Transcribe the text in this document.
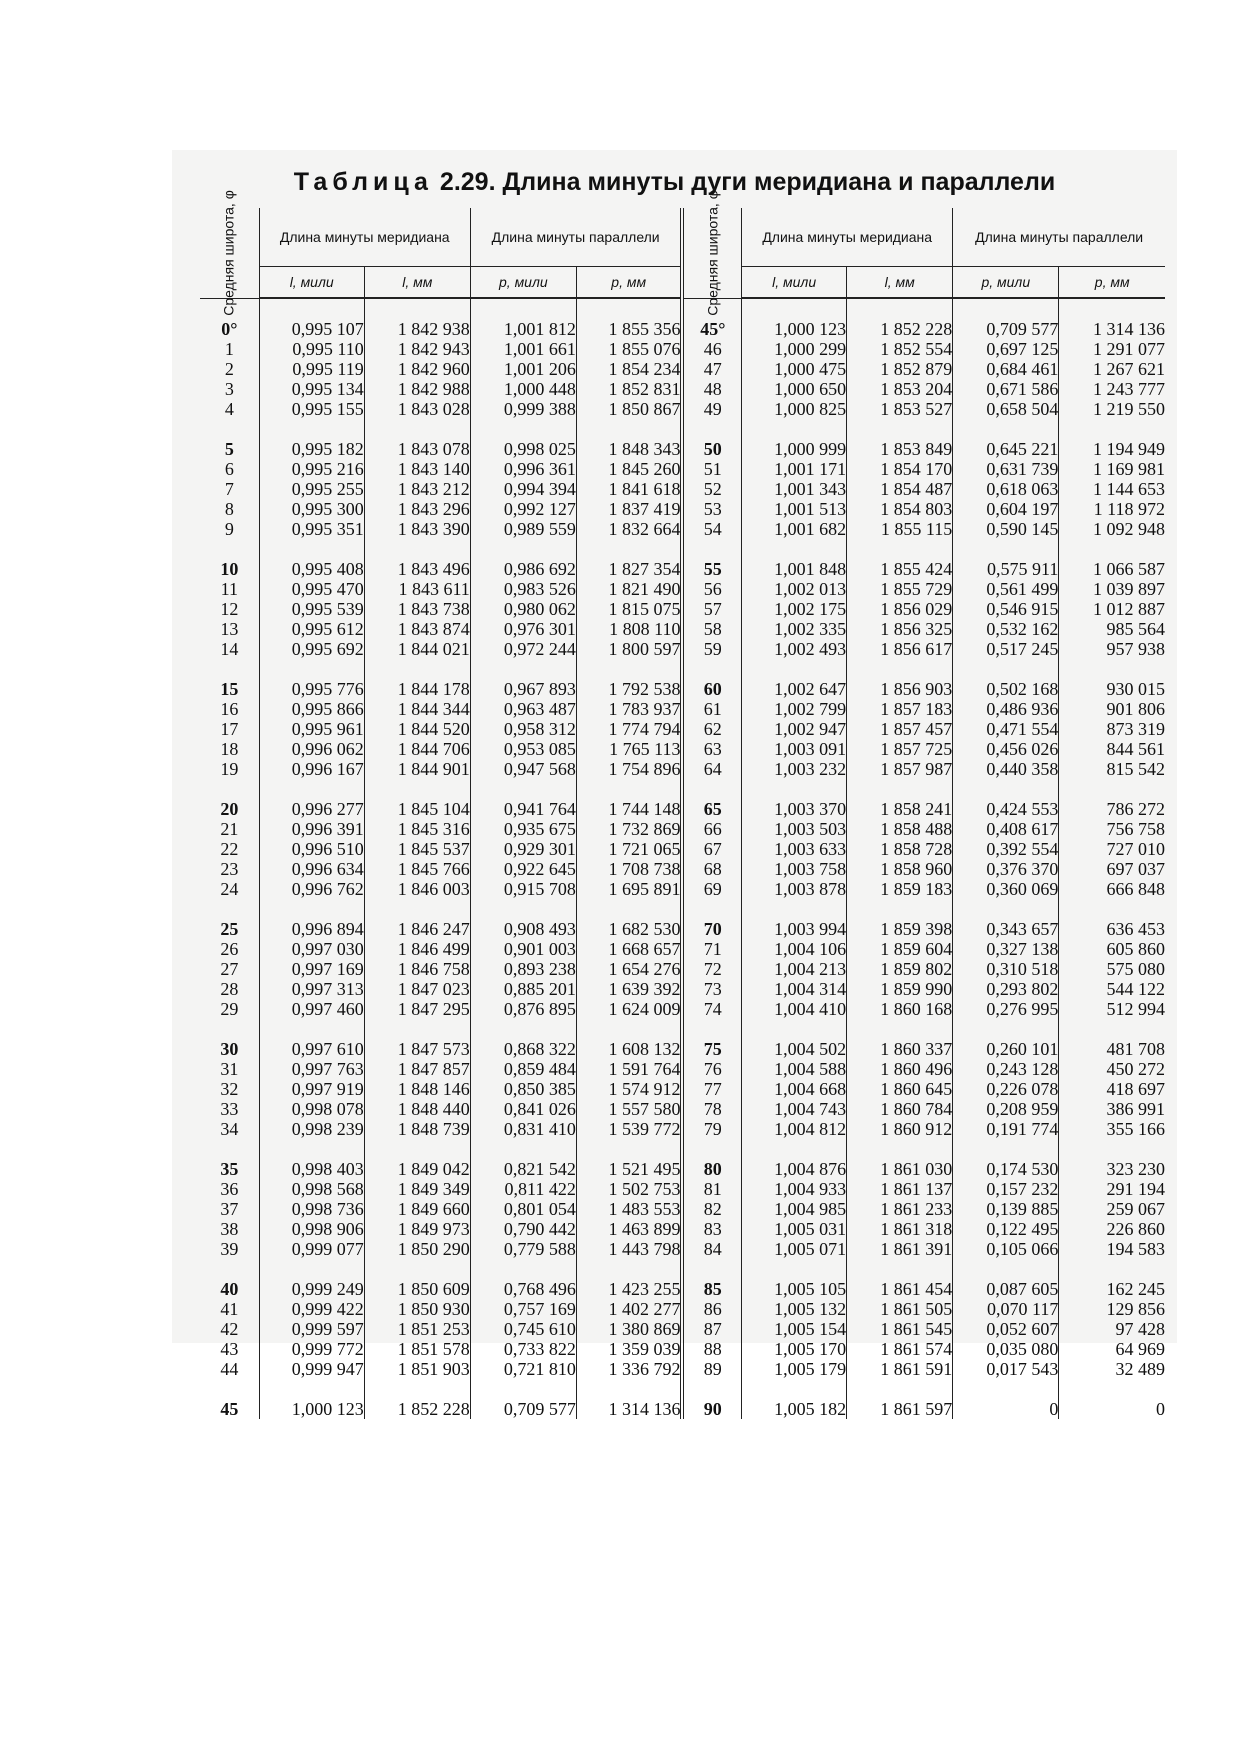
Таблица 2.29. Длина минуты дуги меридиана и параллели
Средняя широта, φ	Длина минуты меридиана		Длина минуты параллели		Средняя широта, φ	Длина минуты меридиана		Длина минуты параллели	
	l, мили	l, мм	p, мили	p, мм		l, мили	l, мм	p, мили	p, мм

0°	0,995 107	1 842 938	1,001 812	1 855 356	45°	1,000 123	1 852 228	0,709 577	1 314 136
1	0,995 110	1 842 943	1,001 661	1 855 076	46	1,000 299	1 852 554	0,697 125	1 291 077
2	0,995 119	1 842 960	1,001 206	1 854 234	47	1,000 475	1 852 879	0,684 461	1 267 621
3	0,995 134	1 842 988	1,000 448	1 852 831	48	1,000 650	1 853 204	0,671 586	1 243 777
4	0,995 155	1 843 028	0,999 388	1 850 867	49	1,000 825	1 853 527	0,658 504	1 219 550

5	0,995 182	1 843 078	0,998 025	1 848 343	50	1,000 999	1 853 849	0,645 221	1 194 949
6	0,995 216	1 843 140	0,996 361	1 845 260	51	1,001 171	1 854 170	0,631 739	1 169 981
7	0,995 255	1 843 212	0,994 394	1 841 618	52	1,001 343	1 854 487	0,618 063	1 144 653
8	0,995 300	1 843 296	0,992 127	1 837 419	53	1,001 513	1 854 803	0,604 197	1 118 972
9	0,995 351	1 843 390	0,989 559	1 832 664	54	1,001 682	1 855 115	0,590 145	1 092 948

10	0,995 408	1 843 496	0,986 692	1 827 354	55	1,001 848	1 855 424	0,575 911	1 066 587
11	0,995 470	1 843 611	0,983 526	1 821 490	56	1,002 013	1 855 729	0,561 499	1 039 897
12	0,995 539	1 843 738	0,980 062	1 815 075	57	1,002 175	1 856 029	0,546 915	1 012 887
13	0,995 612	1 843 874	0,976 301	1 808 110	58	1,002 335	1 856 325	0,532 162	985 564
14	0,995 692	1 844 021	0,972 244	1 800 597	59	1,002 493	1 856 617	0,517 245	957 938

15	0,995 776	1 844 178	0,967 893	1 792 538	60	1,002 647	1 856 903	0,502 168	930 015
16	0,995 866	1 844 344	0,963 487	1 783 937	61	1,002 799	1 857 183	0,486 936	901 806
17	0,995 961	1 844 520	0,958 312	1 774 794	62	1,002 947	1 857 457	0,471 554	873 319
18	0,996 062	1 844 706	0,953 085	1 765 113	63	1,003 091	1 857 725	0,456 026	844 561
19	0,996 167	1 844 901	0,947 568	1 754 896	64	1,003 232	1 857 987	0,440 358	815 542

20	0,996 277	1 845 104	0,941 764	1 744 148	65	1,003 370	1 858 241	0,424 553	786 272
21	0,996 391	1 845 316	0,935 675	1 732 869	66	1,003 503	1 858 488	0,408 617	756 758
22	0,996 510	1 845 537	0,929 301	1 721 065	67	1,003 633	1 858 728	0,392 554	727 010
23	0,996 634	1 845 766	0,922 645	1 708 738	68	1,003 758	1 858 960	0,376 370	697 037
24	0,996 762	1 846 003	0,915 708	1 695 891	69	1,003 878	1 859 183	0,360 069	666 848

25	0,996 894	1 846 247	0,908 493	1 682 530	70	1,003 994	1 859 398	0,343 657	636 453
26	0,997 030	1 846 499	0,901 003	1 668 657	71	1,004 106	1 859 604	0,327 138	605 860
27	0,997 169	1 846 758	0,893 238	1 654 276	72	1,004 213	1 859 802	0,310 518	575 080
28	0,997 313	1 847 023	0,885 201	1 639 392	73	1,004 314	1 859 990	0,293 802	544 122
29	0,997 460	1 847 295	0,876 895	1 624 009	74	1,004 410	1 860 168	0,276 995	512 994

30	0,997 610	1 847 573	0,868 322	1 608 132	75	1,004 502	1 860 337	0,260 101	481 708
31	0,997 763	1 847 857	0,859 484	1 591 764	76	1,004 588	1 860 496	0,243 128	450 272
32	0,997 919	1 848 146	0,850 385	1 574 912	77	1,004 668	1 860 645	0,226 078	418 697
33	0,998 078	1 848 440	0,841 026	1 557 580	78	1,004 743	1 860 784	0,208 959	386 991
34	0,998 239	1 848 739	0,831 410	1 539 772	79	1,004 812	1 860 912	0,191 774	355 166

35	0,998 403	1 849 042	0,821 542	1 521 495	80	1,004 876	1 861 030	0,174 530	323 230
36	0,998 568	1 849 349	0,811 422	1 502 753	81	1,004 933	1 861 137	0,157 232	291 194
37	0,998 736	1 849 660	0,801 054	1 483 553	82	1,004 985	1 861 233	0,139 885	259 067
38	0,998 906	1 849 973	0,790 442	1 463 899	83	1,005 031	1 861 318	0,122 495	226 860
39	0,999 077	1 850 290	0,779 588	1 443 798	84	1,005 071	1 861 391	0,105 066	194 583

40	0,999 249	1 850 609	0,768 496	1 423 255	85	1,005 105	1 861 454	0,087 605	162 245
41	0,999 422	1 850 930	0,757 169	1 402 277	86	1,005 132	1 861 505	0,070 117	129 856
42	0,999 597	1 851 253	0,745 610	1 380 869	87	1,005 154	1 861 545	0,052 607	97 428
43	0,999 772	1 851 578	0,733 822	1 359 039	88	1,005 170	1 861 574	0,035 080	64 969
44	0,999 947	1 851 903	0,721 810	1 336 792	89	1,005 179	1 861 591	0,017 543	32 489

45	1,000 123	1 852 228	0,709 577	1 314 136	90	1,005 182	1 861 597	0	0
